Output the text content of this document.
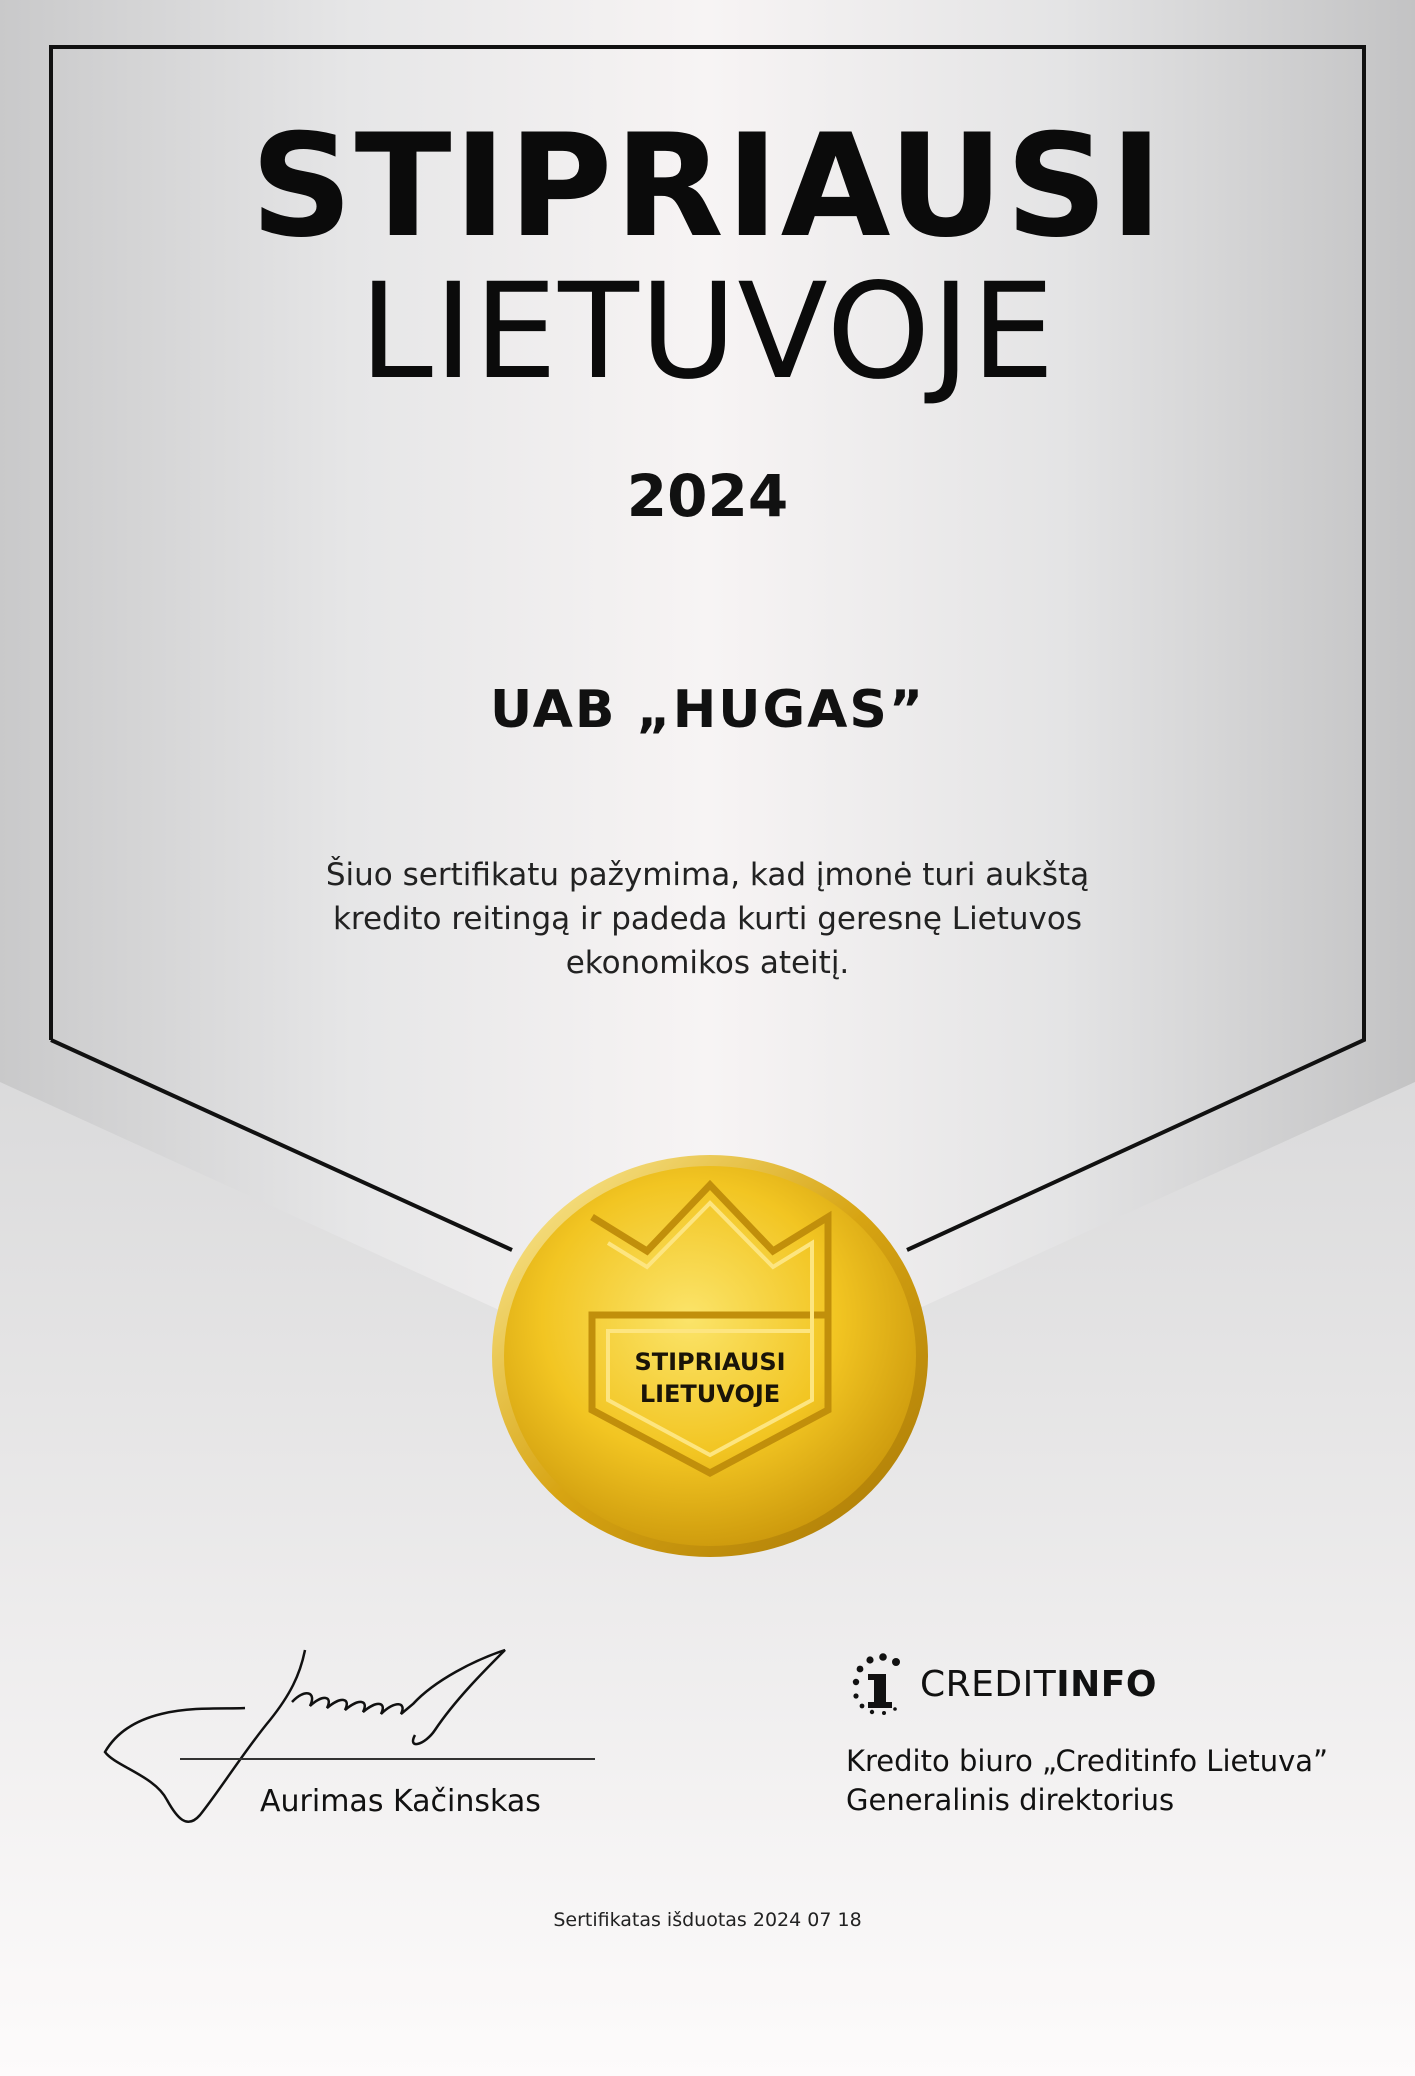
STIPRIAUSI
LIETUVOJE
2024
UAB „HUGAS”
Šiuo sertifikatu pažymima, kad įmonė turi aukštą kredito reitingą ir padeda kurti geresnę Lietuvos ekonomikos ateitį.
STIPRIAUSI
LIETUVOJE
Aurimas Kačinskas
CREDITINFO
Kredito biuro „Creditinfo Lietuva”
Generalinis direktorius
Sertifikatas išduotas 2024 07 18
